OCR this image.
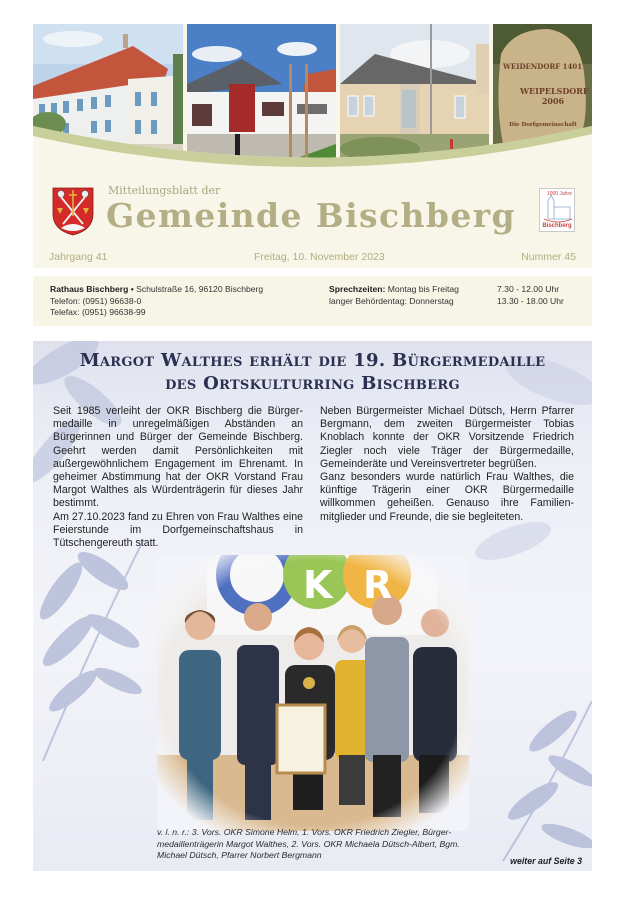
WEIDENDORF 1401
WEIPELSDORF 2006
Die Dorfgemeinschaft
Mitteilungsblatt der
Gemeinde Bischberg
1000 Jahre
Bischberg
Jahrgang 41	Freitag, 10. November 2023	Nummer 45
Rathaus Bischberg • Schulstraße 16, 96120 Bischberg
Telefon: (0951) 96638-0
Telefax: (0951) 96638-99
Sprechzeiten: Montag bis Freitag	7.30 - 12.00 Uhr
langer Behördentag: Donnerstag	13.30 - 18.00 Uhr
Margot Walthes erhält die 19. Bürgermedaille
des Ortskulturring Bischberg

Seit 1985 verleiht der OKR Bischberg die Bürgermedaille in unregelmäßigen Abständen an Bürgerinnen und Bürger der Gemeinde Bischberg. Geehrt werden damit Persönlichkeiten mit außergewöhnlichem Engagement im Ehrenamt. In geheimer Abstimmung hat der OKR Vorstand Frau Margot Walthes als Würdenträgerin für dieses Jahr bestimmt.

Am 27.10.2023 fand zu Ehren von Frau Walthes eine Feierstunde im Dorfgemeinschaftshaus in Tütschengereuth statt.

Neben Bürgermeister Michael Dütsch, Herrn Pfarrer Bergmann, dem zweiten Bürgermeister Tobias Knoblach konnte der OKR Vorsitzende Friedrich Ziegler noch viele Träger der Bürgermedaille, Gemeinderäte und Vereinsvertreter begrüßen.

Ganz besonders wurde natürlich Frau Walthes, die künftige Trägerin einer OKR Bürgermedaille willkommen geheißen. Genauso ihre Familienmitglieder und Freunde, die sie begleiteten.

K R
v. l. n. r.: 3. Vors. OKR Simone Helm, 1. Vors. OKR Friedrich Ziegler, Bürgermedaillenträgerin Margot Walthes, 2. Vors. OKR Michaela Dütsch-Albert, Bgm. Michael Dütsch, Pfarrer Norbert Bergmann
weiter auf Seite 3
